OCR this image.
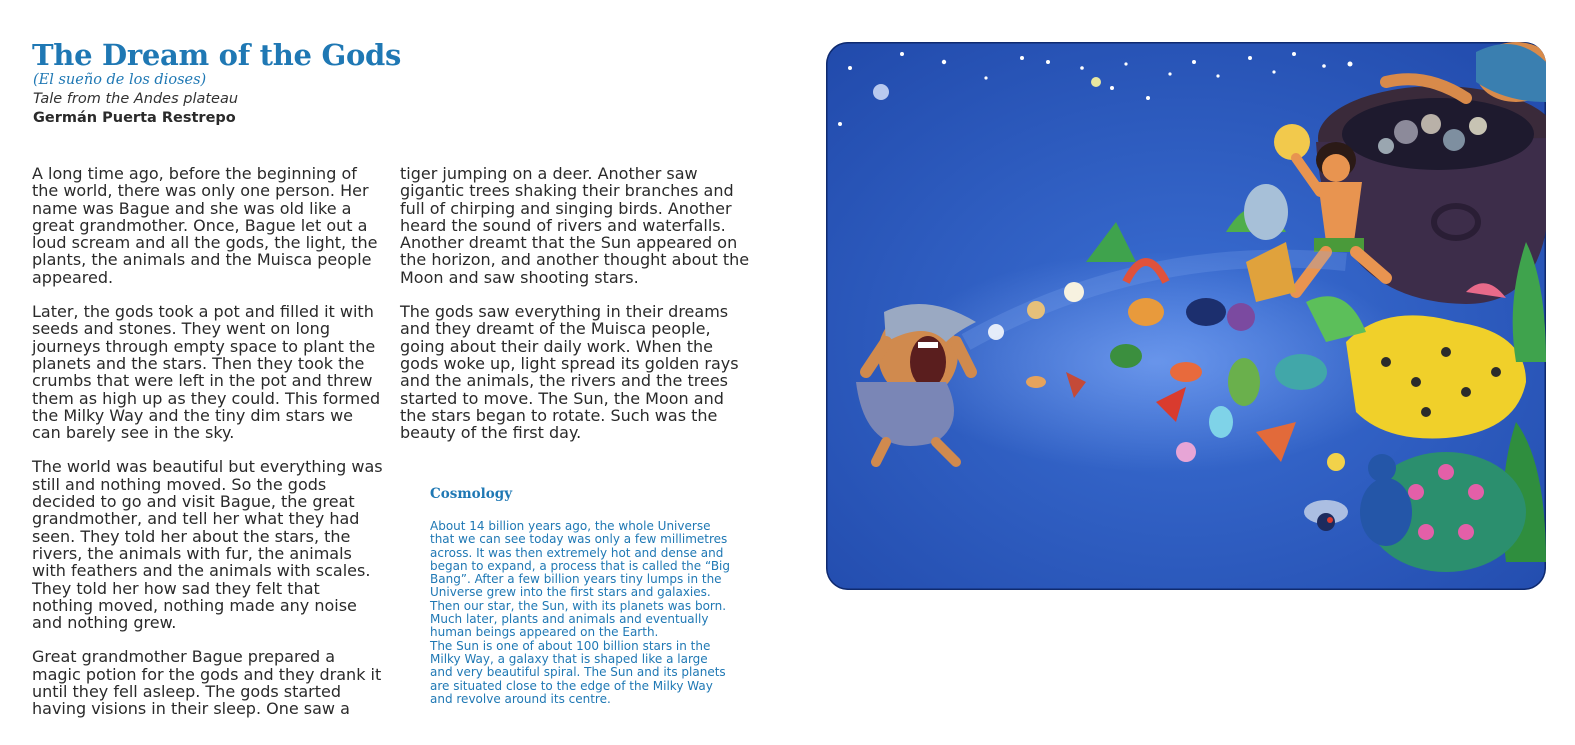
The Dream of the Gods
(El sueño de los dioses)
Tale from the Andes plateau
Germán Puerta Restrepo

A long time ago, before the beginning of the world, there was only one person. Her name was Bague and she was old like a great grandmother. Once, Bague let out a loud scream and all the gods, the light, the plants, the animals and the Muisca people appeared.

Later, the gods took a pot and filled it with seeds and stones. They went on long journeys through empty space to plant the planets and the stars. Then they took the crumbs that were left in the pot and threw them as high up as they could. This formed the Milky Way and the tiny dim stars we can barely see in the sky.

The world was beautiful but everything was still and nothing moved. So the gods decided to go and visit Bague, the great grandmother, and tell her what they had seen. They told her about the stars, the rivers, the animals with fur, the animals with feathers and the animals with scales. They told her how sad they felt that nothing moved, nothing made any noise and nothing grew.

Great grandmother Bague prepared a magic potion for the gods and they drank it until they fell asleep. The gods started having visions in their sleep. One saw a

tiger jumping on a deer. Another saw gigantic trees shaking their branches and full of chirping and singing birds. Another heard the sound of rivers and waterfalls. Another dreamt that the Sun appeared on the horizon, and another thought about the Moon and saw shooting stars.

The gods saw everything in their dreams and they dreamt of the Muisca people, going about their daily work. When the gods woke up, light spread its golden rays and the animals, the rivers and the trees started to move. The Sun, the Moon and the stars began to rotate. Such was the beauty of the first day.

Cosmology

About 14 billion years ago, the whole Universe that we can see today was only a few millimetres across. It was then extremely hot and dense and began to expand, a process that is called the “Big Bang”. After a few billion years tiny lumps in the Universe grew into the first stars and galaxies. Then our star, the Sun, with its planets was born. Much later, plants and animals and eventually human beings appeared on the Earth.

The Sun is one of about 100 billion stars in the Milky Way, a galaxy that is shaped like a large and very beautiful spiral. The Sun and its planets are situated close to the edge of the Milky Way and revolve around its centre.
